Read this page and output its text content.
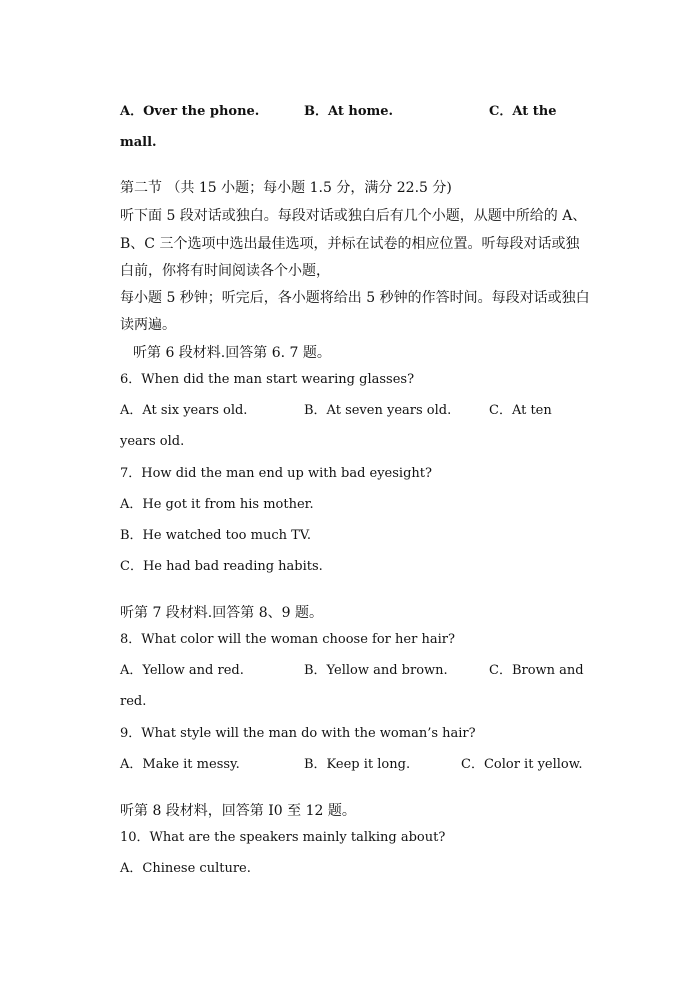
A．Over the phone.	B．At home.	C．At the
mall.
第二节 （共 15 小题；每小题 1.5 分，满分 22.5 分)
听下面 5 段对话或独白。每段对话或独白后有几个小题，从题中所给的 A、
B、C 三个选项中选出最佳选项，并标在试卷的相应位置。听每段对话或独
白前，你将有时间阅读各个小题，
每小题 5 秒钟；听完后，各小题将给出 5 秒钟的作答时间。每段对话或独白
读两遍。
听第 6 段材料.回答第 6. 7 题。
6．When did the man start wearing glasses?
A．At six years old.	B．At seven years old.	C．At ten
years old.
7．How did the man end up with bad eyesight?
A．He got it from his mother.
B．He watched too much TV.
C．He had bad reading habits.
听第 7 段材料.回答第 8、9 题。
8．What color will the woman choose for her hair?
A．Yellow and red.	B．Yellow and brown.	C．Brown and
red.
9．What style will the man do with the woman’s hair?
A．Make it messy.	B．Keep it long.	C．Color it yellow.
听第 8 段材料，回答第 I0 至 12 题。
10．What are the speakers mainly talking about?
A．Chinese culture.
